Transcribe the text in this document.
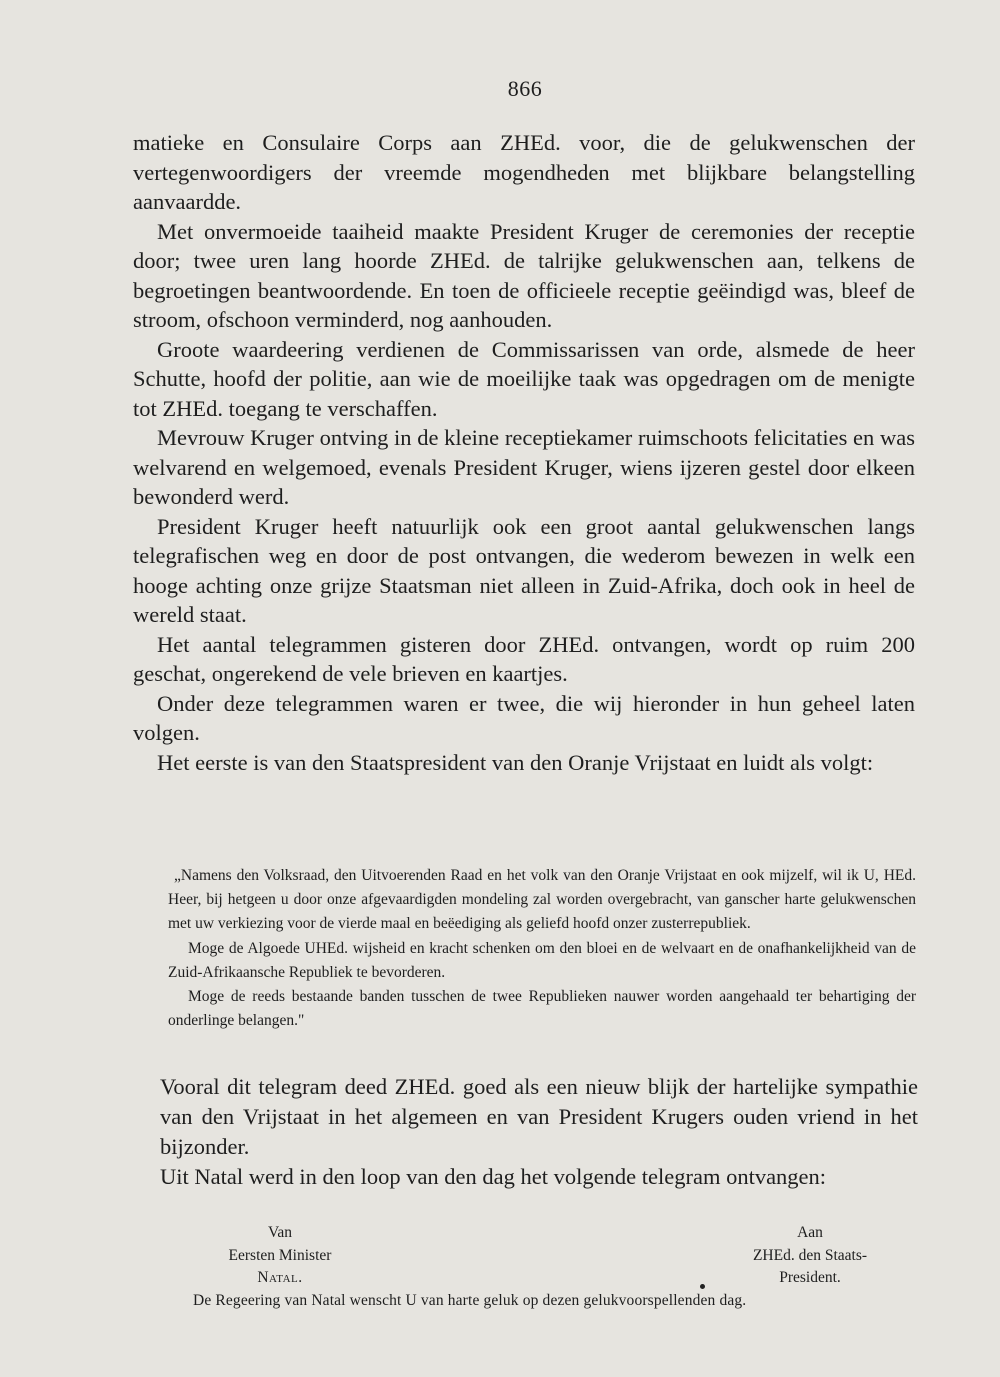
866

matieke en Consulaire Corps aan ZHEd. voor, die de gelukwenschen der vertegenwoordigers der vreemde mogendheden met blijkbare belangstelling aanvaardde.

Met onvermoeide taaiheid maakte President Kruger de ceremonies der receptie door; twee uren lang hoorde ZHEd. de talrijke gelukwenschen aan, telkens de begroetingen beantwoordende. En toen de officieele receptie geëindigd was, bleef de stroom, ofschoon verminderd, nog aanhouden.

Groote waardeering verdienen de Commissarissen van orde, alsmede de heer Schutte, hoofd der politie, aan wie de moeilijke taak was opgedragen om de menigte tot ZHEd. toegang te verschaffen.

Mevrouw Kruger ontving in de kleine receptiekamer ruimschoots felicitaties en was welvarend en welgemoed, evenals President Kruger, wiens ijzeren gestel door elkeen bewonderd werd.

President Kruger heeft natuurlijk ook een groot aantal gelukwenschen langs telegrafischen weg en door de post ontvangen, die wederom bewezen in welk een hooge achting onze grijze Staatsman niet alleen in Zuid-Afrika, doch ook in heel de wereld staat.

Het aantal telegrammen gisteren door ZHEd. ontvangen, wordt op ruim 200 geschat, ongerekend de vele brieven en kaartjes.

Onder deze telegrammen waren er twee, die wij hieronder in hun geheel laten volgen.

Het eerste is van den Staatspresident van den Oranje Vrijstaat en luidt als volgt:

„Namens den Volksraad, den Uitvoerenden Raad en het volk van den Oranje Vrijstaat en ook mijzelf, wil ik U, HEd. Heer, bij hetgeen u door onze afgevaardigden mondeling zal worden overgebracht, van ganscher harte gelukwenschen met uw verkiezing voor de vierde maal en beëediging als geliefd hoofd onzer zusterrepubliek.

Moge de Algoede UHEd. wijsheid en kracht schenken om den bloei en de welvaart en de onafhankelijkheid van de Zuid-Afrikaansche Republiek te bevorderen.

Moge de reeds bestaande banden tusschen de twee Republieken nauwer worden aangehaald ter behartiging der onderlinge belangen."

Vooral dit telegram deed ZHEd. goed als een nieuw blijk der hartelijke sympathie van den Vrijstaat in het algemeen en van President Krugers ouden vriend in het bijzonder.

Uit Natal werd in den loop van den dag het volgende telegram ontvangen:

Van
Eersten Minister
Natal.
Aan
ZHEd. den Staats-
President.
De Regeering van Natal wenscht U van harte geluk op dezen gelukvoorspellenden dag.
